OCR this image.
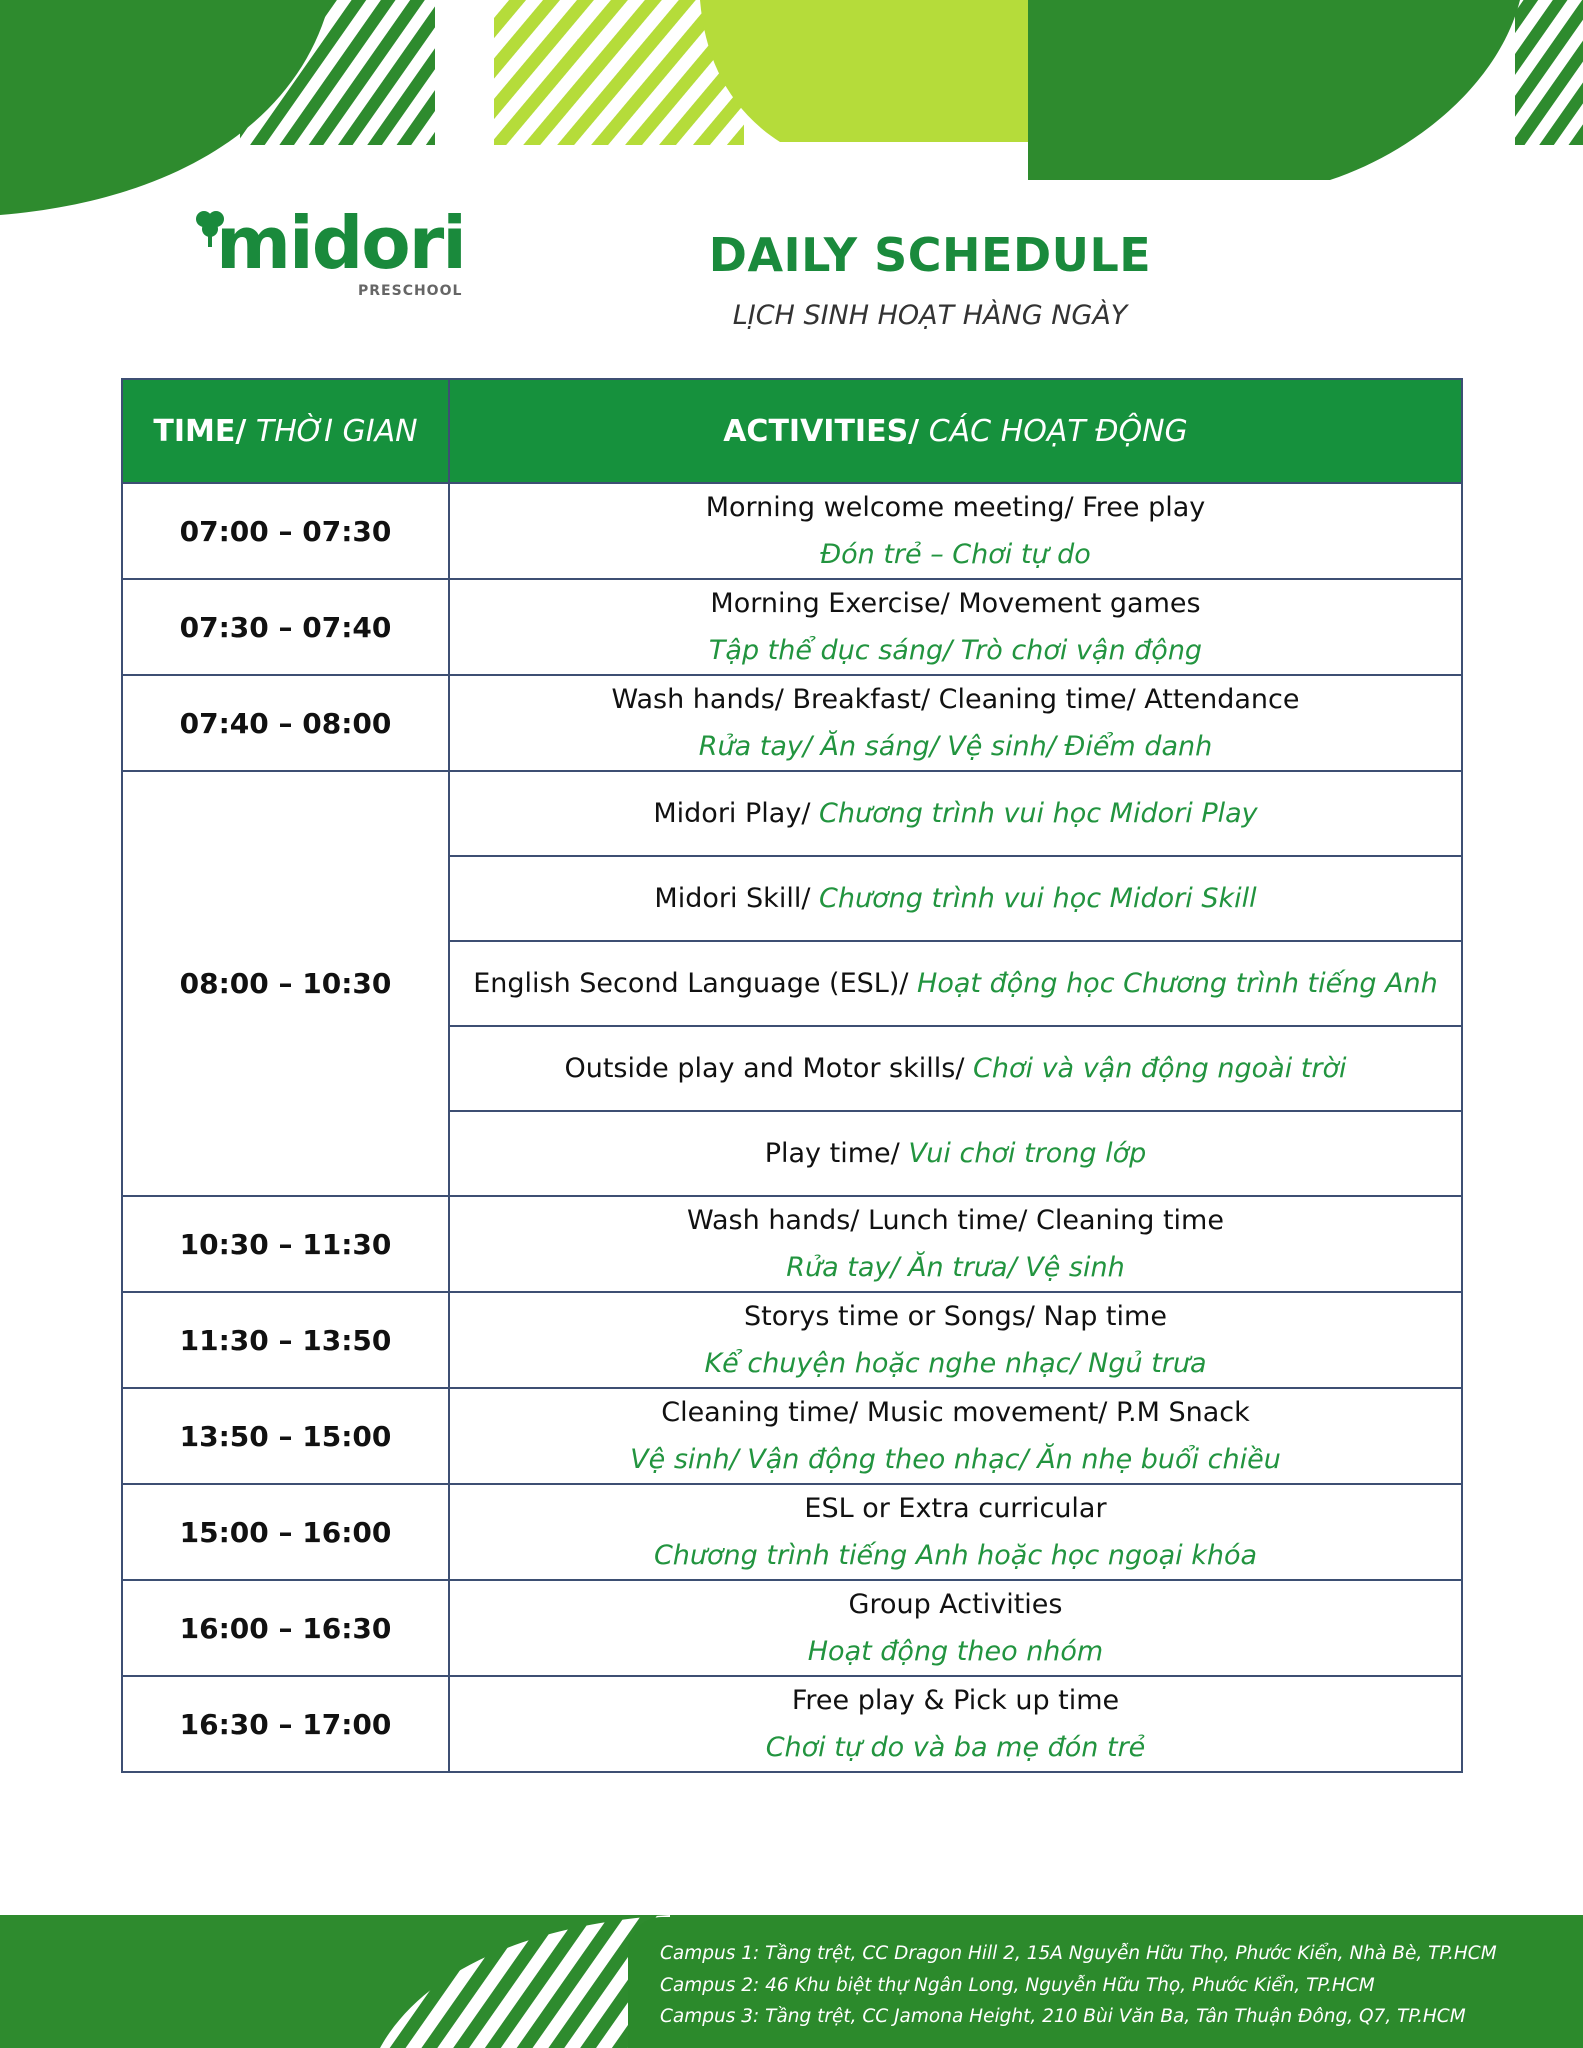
midori
PRESCHOOL
DAILY SCHEDULE
LỊCH SINH HOẠT HÀNG NGÀY
TIME/ THỜI GIAN	ACTIVITIES/ CÁC HOẠT ĐỘNG
07:00 – 07:30	Morning welcome meeting/ Free play
Đón trẻ – Chơi tự do

07:30 – 07:40	Morning Exercise/ Movement games
Tập thể dục sáng/ Trò chơi vận động

07:40 – 08:00	Wash hands/ Breakfast/ Cleaning time/ Attendance
Rửa tay/ Ăn sáng/ Vệ sinh/ Điểm danh

08:00 – 10:30	Midori Play/ Chương trình vui học Midori Play
	Midori Skill/ Chương trình vui học Midori Skill
	English Second Language (ESL)/ Hoạt động học Chương trình tiếng Anh
	Outside play and Motor skills/ Chơi và vận động ngoài trời
	Play time/ Vui chơi trong lớp
10:30 – 11:30	Wash hands/ Lunch time/ Cleaning time
Rửa tay/ Ăn trưa/ Vệ sinh

11:30 – 13:50	Storys time or Songs/ Nap time
Kể chuyện hoặc nghe nhạc/ Ngủ trưa

13:50 – 15:00	Cleaning time/ Music movement/ P.M Snack
Vệ sinh/ Vận động theo nhạc/ Ăn nhẹ buổi chiều

15:00 – 16:00	ESL or Extra curricular
Chương trình tiếng Anh hoặc học ngoại khóa

16:00 – 16:30	Group Activities
Hoạt động theo nhóm

16:30 – 17:00	Free play & Pick up time
Chơi tự do và ba mẹ đón trẻ
Campus 1: Tầng trệt, CC Dragon Hill 2, 15A Nguyễn Hữu Thọ, Phước Kiển, Nhà Bè, TP.HCM
Campus 2: 46 Khu biệt thự Ngân Long, Nguyễn Hữu Thọ, Phước Kiển, TP.HCM
Campus 3: Tầng trệt, CC Jamona Height, 210 Bùi Văn Ba, Tân Thuận Đông, Q7, TP.HCM
